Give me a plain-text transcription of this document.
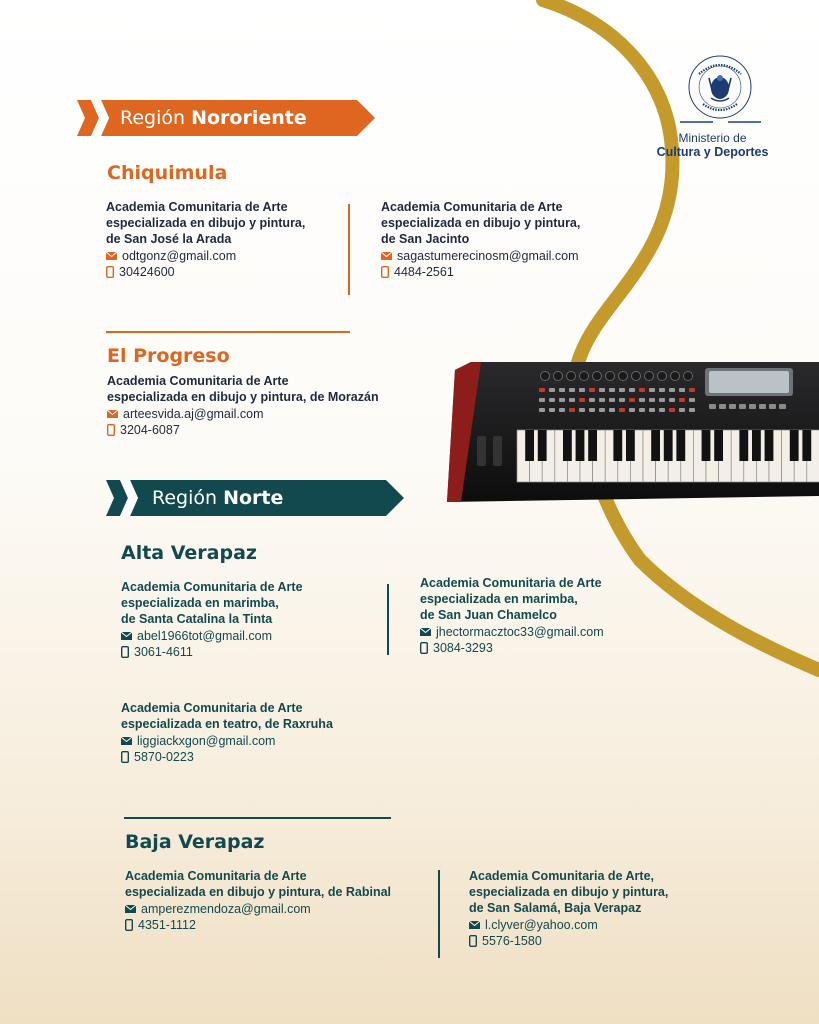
Ministerio de
Cultura y Deportes
Región Nororiente
Chiquimula
Academia Comunitaria de Arte
especializada en dibujo y pintura,
de San José la Arada
odtgonz@gmail.com
30424600
Academia Comunitaria de Arte
especializada en dibujo y pintura,
de San Jacinto
sagastumerecinosm@gmail.com
4484-2561
El Progreso
Academia Comunitaria de Arte
especializada en dibujo y pintura, de Morazán
arteesvida.aj@gmail.com
3204-6087
Región Norte
Alta Verapaz
Academia Comunitaria de Arte
especializada en marimba,
de Santa Catalina la Tinta
abel1966tot@gmail.com
3061-4611
Academia Comunitaria de Arte
especializada en marimba,
de San Juan Chamelco
jhectormacztoc33@gmail.com
3084-3293
Academia Comunitaria de Arte
especializada en teatro, de Raxruha
liggiackxgon@gmail.com
5870-0223
Baja Verapaz
Academia Comunitaria de Arte
especializada en dibujo y pintura, de Rabinal
amperezmendoza@gmail.com
4351-1112
Academia Comunitaria de Arte,
especializada en dibujo y pintura,
de San Salamá, Baja Verapaz
l.clyver@yahoo.com
5576-1580
